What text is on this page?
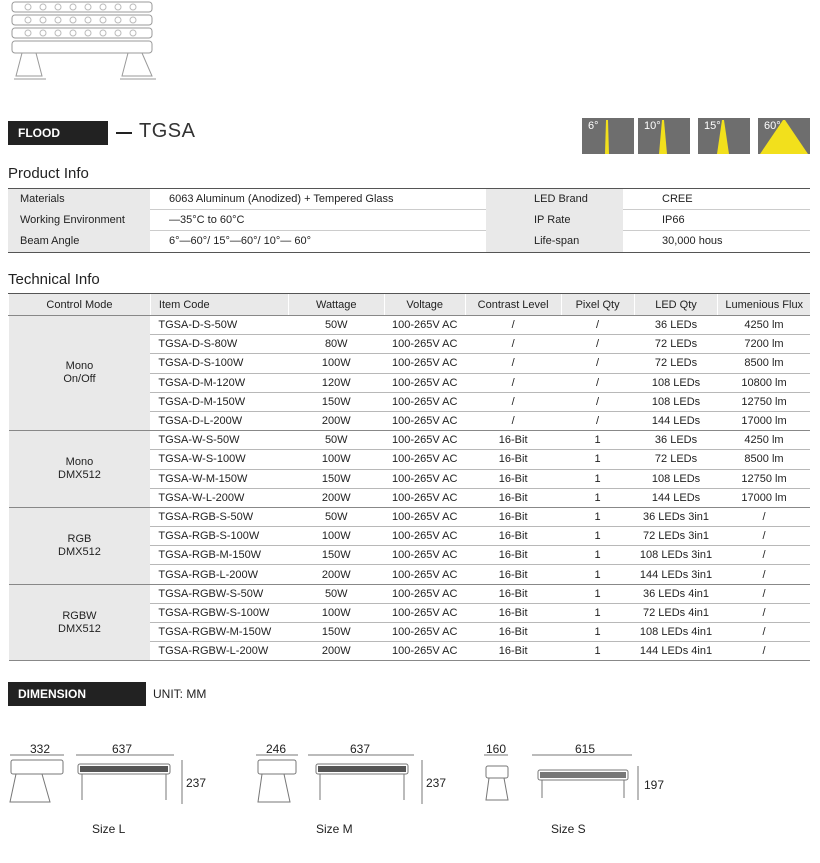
FLOOD LIGHT
TGSA	6°	10°	15°	60°
Product Info
Materials	6063 Aluminum (Anodized) + Tempered Glass	LED Brand	CREE
Working Environment	—35°C to 60°C	IP Rate	IP66
Beam Angle	6°—60°/ 15°—60°/ 10°— 60°	Life-span	30,000 hous
Technical Info
Control Mode	Item Code	Wattage	Voltage	Contrast Level	Pixel Qty	LED Qty	Lumenious Flux

Mono
On/Off	TGSA-D-S-50W	50W	100-265V AC	/	/	36 LEDs	4250 lm
	TGSA-D-S-80W	80W	100-265V AC	/	/	72 LEDs	7200 lm
	TGSA-D-S-100W	100W	100-265V AC	/	/	72 LEDs	8500 lm
	TGSA-D-M-120W	120W	100-265V AC	/	/	108 LEDs	10800 lm
	TGSA-D-M-150W	150W	100-265V AC	/	/	108 LEDs	12750 lm
	TGSA-D-L-200W	200W	100-265V AC	/	/	144 LEDs	17000 lm

Mono
DMX512	TGSA-W-S-50W	50W	100-265V AC	16-Bit	1	36 LEDs	4250 lm
	TGSA-W-S-100W	100W	100-265V AC	16-Bit	1	72 LEDs	8500 lm
	TGSA-W-M-150W	150W	100-265V AC	16-Bit	1	108 LEDs	12750 lm
	TGSA-W-L-200W	200W	100-265V AC	16-Bit	1	144 LEDs	17000 lm

RGB
DMX512	TGSA-RGB-S-50W	50W	100-265V AC	16-Bit	1	36 LEDs 3in1	/
	TGSA-RGB-S-100W	100W	100-265V AC	16-Bit	1	72 LEDs 3in1	/
	TGSA-RGB-M-150W	150W	100-265V AC	16-Bit	1	108 LEDs 3in1	/
	TGSA-RGB-L-200W	200W	100-265V AC	16-Bit	1	144 LEDs 3in1	/

RGBW
DMX512	TGSA-RGBW-S-50W	50W	100-265V AC	16-Bit	1	36 LEDs 4in1	/
	TGSA-RGBW-S-100W	100W	100-265V AC	16-Bit	1	72 LEDs 4in1	/
	TGSA-RGBW-M-150W	150W	100-265V AC	16-Bit	1	108 LEDs 4in1	/
	TGSA-RGBW-L-200W	200W	100-265V AC	16-Bit	1	144 LEDs 4in1	/
DIMENSION DETAILS
UNIT: MM
332	637
237
Size L
246	637
237
Size M
160	615
197
Size S
